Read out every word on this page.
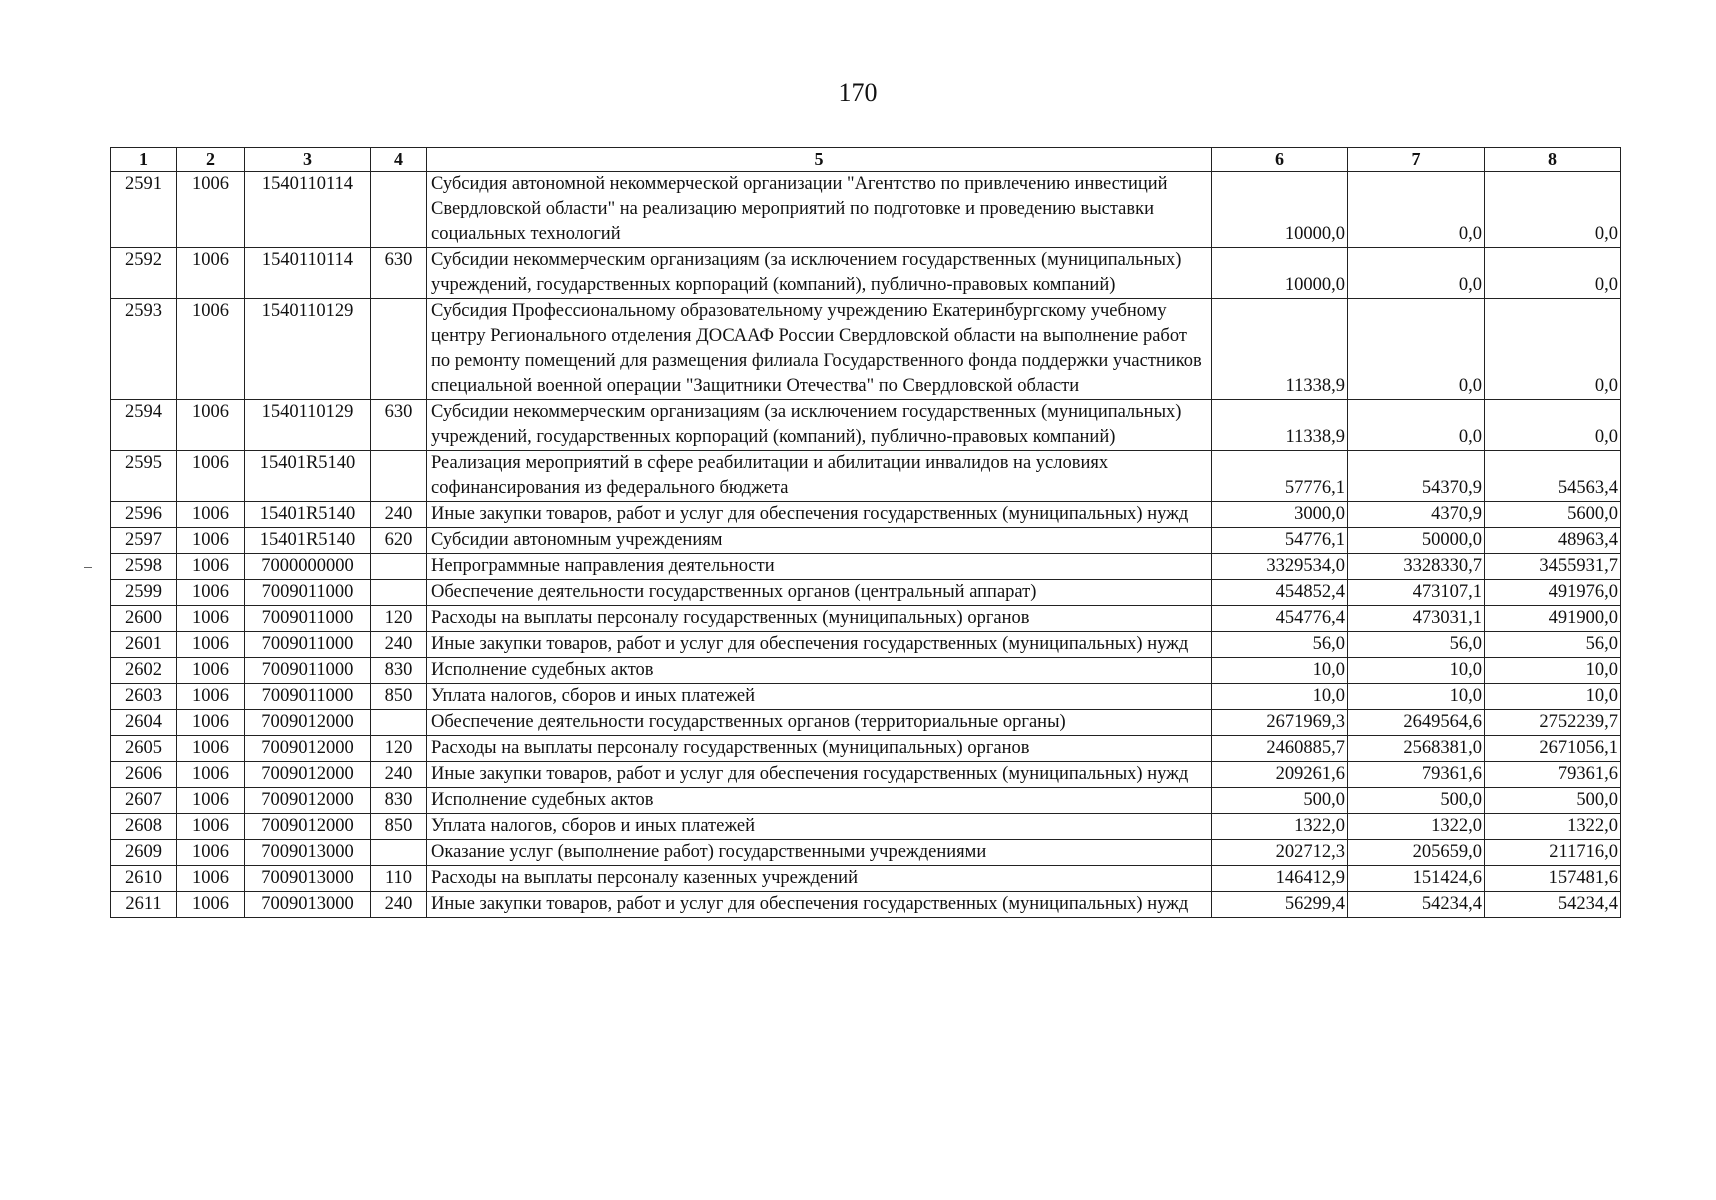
170
1	2	3	4	5	6	7	8
2591	1006	1540110114		Субсидия автономной некоммерческой организации "Агентство по привлечению инвестиций Свердловской области" на реализацию мероприятий по подготовке и проведению выставки социальных технологий	10000,0	0,0	0,0
2592	1006	1540110114	630	Субсидии некоммерческим организациям (за исключением государственных (муниципальных) учреждений, государственных корпораций (компаний), публично-правовых компаний)	10000,0	0,0	0,0
2593	1006	1540110129		Субсидия Профессиональному образовательному учреждению Екатеринбургскому учебному центру Регионального отделения ДОСААФ России Свердловской области на выполнение работ по ремонту помещений для размещения филиала Государственного фонда поддержки участников специальной военной операции "Защитники Отечества" по Свердловской области	11338,9	0,0	0,0
2594	1006	1540110129	630	Субсидии некоммерческим организациям (за исключением государственных (муниципальных) учреждений, государственных корпораций (компаний), публично-правовых компаний)	11338,9	0,0	0,0
2595	1006	15401R5140		Реализация мероприятий в сфере реабилитации и абилитации инвалидов на условиях софинансирования из федерального бюджета	57776,1	54370,9	54563,4
2596	1006	15401R5140	240	Иные закупки товаров, работ и услуг для обеспечения государственных (муниципальных) нужд	3000,0	4370,9	5600,0
2597	1006	15401R5140	620	Субсидии автономным учреждениям	54776,1	50000,0	48963,4
2598	1006	7000000000		Непрограммные направления деятельности	3329534,0	3328330,7	3455931,7
2599	1006	7009011000		Обеспечение деятельности государственных органов (центральный аппарат)	454852,4	473107,1	491976,0
2600	1006	7009011000	120	Расходы на выплаты персоналу государственных (муниципальных) органов	454776,4	473031,1	491900,0
2601	1006	7009011000	240	Иные закупки товаров, работ и услуг для обеспечения государственных (муниципальных) нужд	56,0	56,0	56,0
2602	1006	7009011000	830	Исполнение судебных актов	10,0	10,0	10,0
2603	1006	7009011000	850	Уплата налогов, сборов и иных платежей	10,0	10,0	10,0
2604	1006	7009012000		Обеспечение деятельности государственных органов (территориальные органы)	2671969,3	2649564,6	2752239,7
2605	1006	7009012000	120	Расходы на выплаты персоналу государственных (муниципальных) органов	2460885,7	2568381,0	2671056,1
2606	1006	7009012000	240	Иные закупки товаров, работ и услуг для обеспечения государственных (муниципальных) нужд	209261,6	79361,6	79361,6
2607	1006	7009012000	830	Исполнение судебных актов	500,0	500,0	500,0
2608	1006	7009012000	850	Уплата налогов, сборов и иных платежей	1322,0	1322,0	1322,0
2609	1006	7009013000		Оказание услуг (выполнение работ) государственными учреждениями	202712,3	205659,0	211716,0
2610	1006	7009013000	110	Расходы на выплаты персоналу казенных учреждений	146412,9	151424,6	157481,6
2611	1006	7009013000	240	Иные закупки товаров, работ и услуг для обеспечения государственных (муниципальных) нужд	56299,4	54234,4	54234,4
